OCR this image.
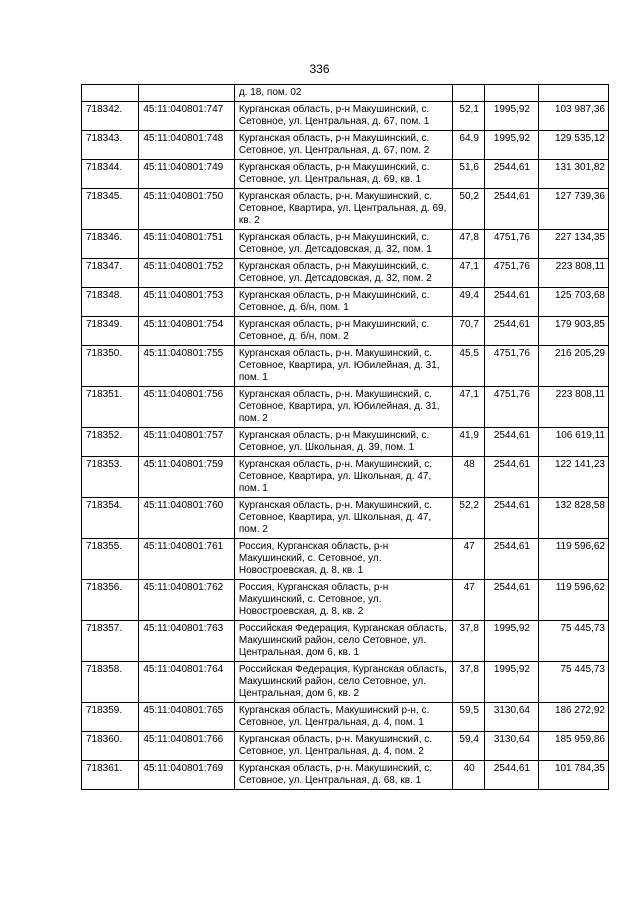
336
		д. 18, пом. 02			
718342.	45:11:040801:747	Курганская область, р-н Макушинский, с. Сетовное, ул. Центральная, д. 67, пом. 1	52,1	1995,92	103 987,36
718343.	45:11:040801:748	Курганская область, р-н Макушинский, с. Сетовное, ул. Центральная, д. 67, пом. 2	64,9	1995,92	129 535,12
718344.	45:11:040801:749	Курганская область, р-н Макушинский, с. Сетовное, ул. Центральная, д. 69, кв. 1	51,6	2544,61	131 301,82
718345.	45:11:040801:750	Курганская область, р-н. Макушинский, с. Сетовное, Квартира, ул. Центральная, д. 69, кв. 2	50,2	2544,61	127 739,36
718346.	45:11:040801:751	Курганская область, р-н Макушинский, с. Сетовное, ул. Детсадовская, д. 32, пом. 1	47,8	4751,76	227 134,35
718347.	45:11:040801:752	Курганская область, р-н Макушинский, с. Сетовное, ул. Детсадовская, д. 32, пом. 2	47,1	4751,76	223 808,11
718348.	45:11:040801:753	Курганская область, р-н Макушинский, с. Сетовное, д. б/н, пом. 1	49,4	2544,61	125 703,68
718349.	45:11:040801:754	Курганская область, р-н Макушинский, с. Сетовное, д. б/н, пом. 2	70,7	2544,61	179 903,85
718350.	45:11:040801:755	Курганская область, р-н. Макушинский, с. Сетовное, Квартира, ул. Юбилейная, д. 31, пом. 1	45,5	4751,76	216 205,29
718351.	45:11:040801:756	Курганская область, р-н. Макушинский, с. Сетовное, Квартира, ул. Юбилейная, д. 31, пом. 2	47,1	4751,76	223 808,11
718352.	45:11:040801:757	Курганская область, р-н Макушинский, с. Сетовное, ул. Школьная, д. 39, пом. 1	41,9	2544,61	106 619,11
718353.	45:11:040801:759	Курганская область, р-н. Макушинский, с. Сетовное, Квартира, ул. Школьная, д. 47, пом. 1	48	2544,61	122 141,23
718354.	45:11:040801:760	Курганская область, р-н. Макушинский, с. Сетовное, Квартира, ул. Школьная, д. 47, пом. 2	52,2	2544,61	132 828,58
718355.	45:11:040801:761	Россия, Курганская область, р-н Макушинский, с. Сетовное, ул. Новостроевская, д. 8, кв. 1	47	2544,61	119 596,62
718356.	45:11:040801:762	Россия, Курганская область, р-н Макушинский, с. Сетовное, ул. Новостроевская, д. 8, кв. 2	47	2544,61	119 596,62
718357.	45:11:040801:763	Российская Федерация, Курганская область, Макушинский район, село Сетовное, ул. Центральная, дом 6, кв. 1	37,8	1995,92	75 445,73
718358.	45:11:040801:764	Российская Федерация, Курганская область, Макушинский район, село Сетовное, ул. Центральная, дом 6, кв. 2	37,8	1995,92	75 445,73
718359.	45:11:040801:765	Курганская область, Макушинский р-н, с. Сетовное, ул. Центральная, д. 4, пом. 1	59,5	3130,64	186 272,92
718360.	45:11:040801:766	Курганская область, р-н. Макушинский, с. Сетовное, ул. Центральная, д. 4, пом. 2	59,4	3130,64	185 959,86
718361.	45:11:040801:769	Курганская область, р-н. Макушинский, с. Сетовное, ул. Центральная, д. 68, кв. 1	40	2544,61	101 784,35
